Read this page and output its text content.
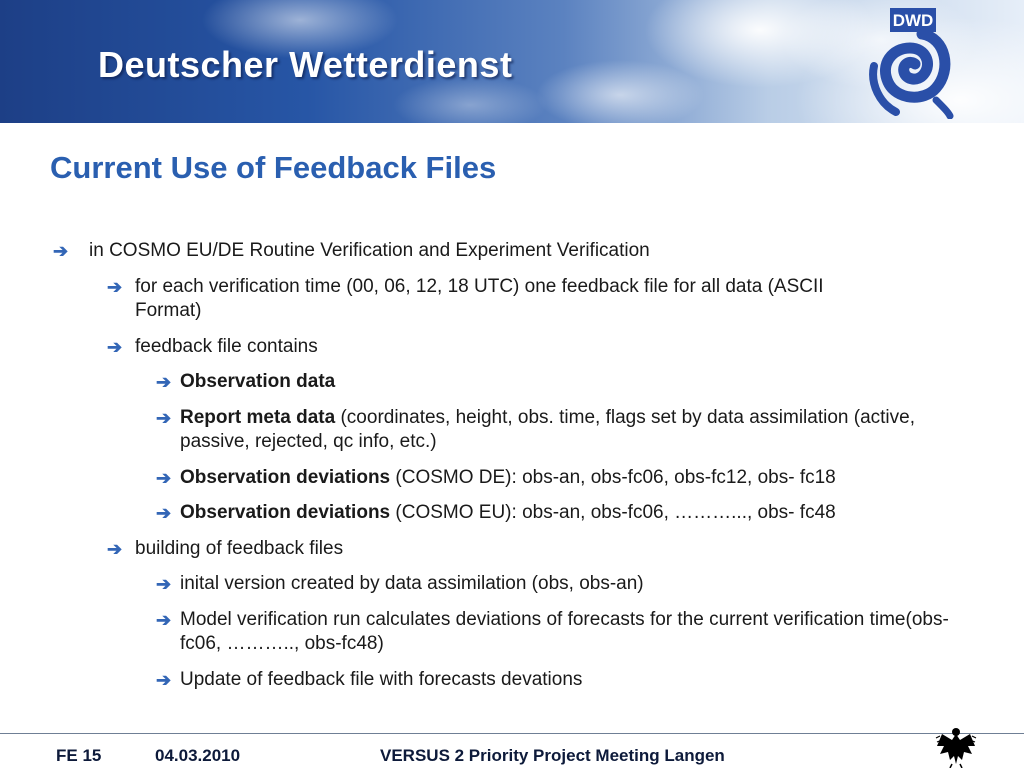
Deutscher Wetterdienst
DWD
Current Use of Feedback Files
➔ in COSMO EU/DE Routine Verification and Experiment Verification
➔ for each verification time (00, 06, 12, 18 UTC) one feedback file for all data (ASCII Format)
➔ feedback file contains
➔ Observation data
➔ Report meta data (coordinates, height, obs. time, flags set by data assimilation (active, passive, rejected, qc info, etc.)
➔ Observation deviations (COSMO DE): obs-an, obs-fc06, obs-fc12, obs- fc18
➔ Observation deviations (COSMO EU): obs-an, obs-fc06, ………..., obs- fc48
➔ building of feedback files
➔ inital version created by data assimilation (obs, obs-an)
➔ Model verification run calculates deviations of forecasts for the current verification time(obs-fc06, ……….., obs-fc48)
➔ Update of feedback file with forecasts devations

FE 15	04.03.2010	VERSUS 2 Priority Project Meeting Langen
